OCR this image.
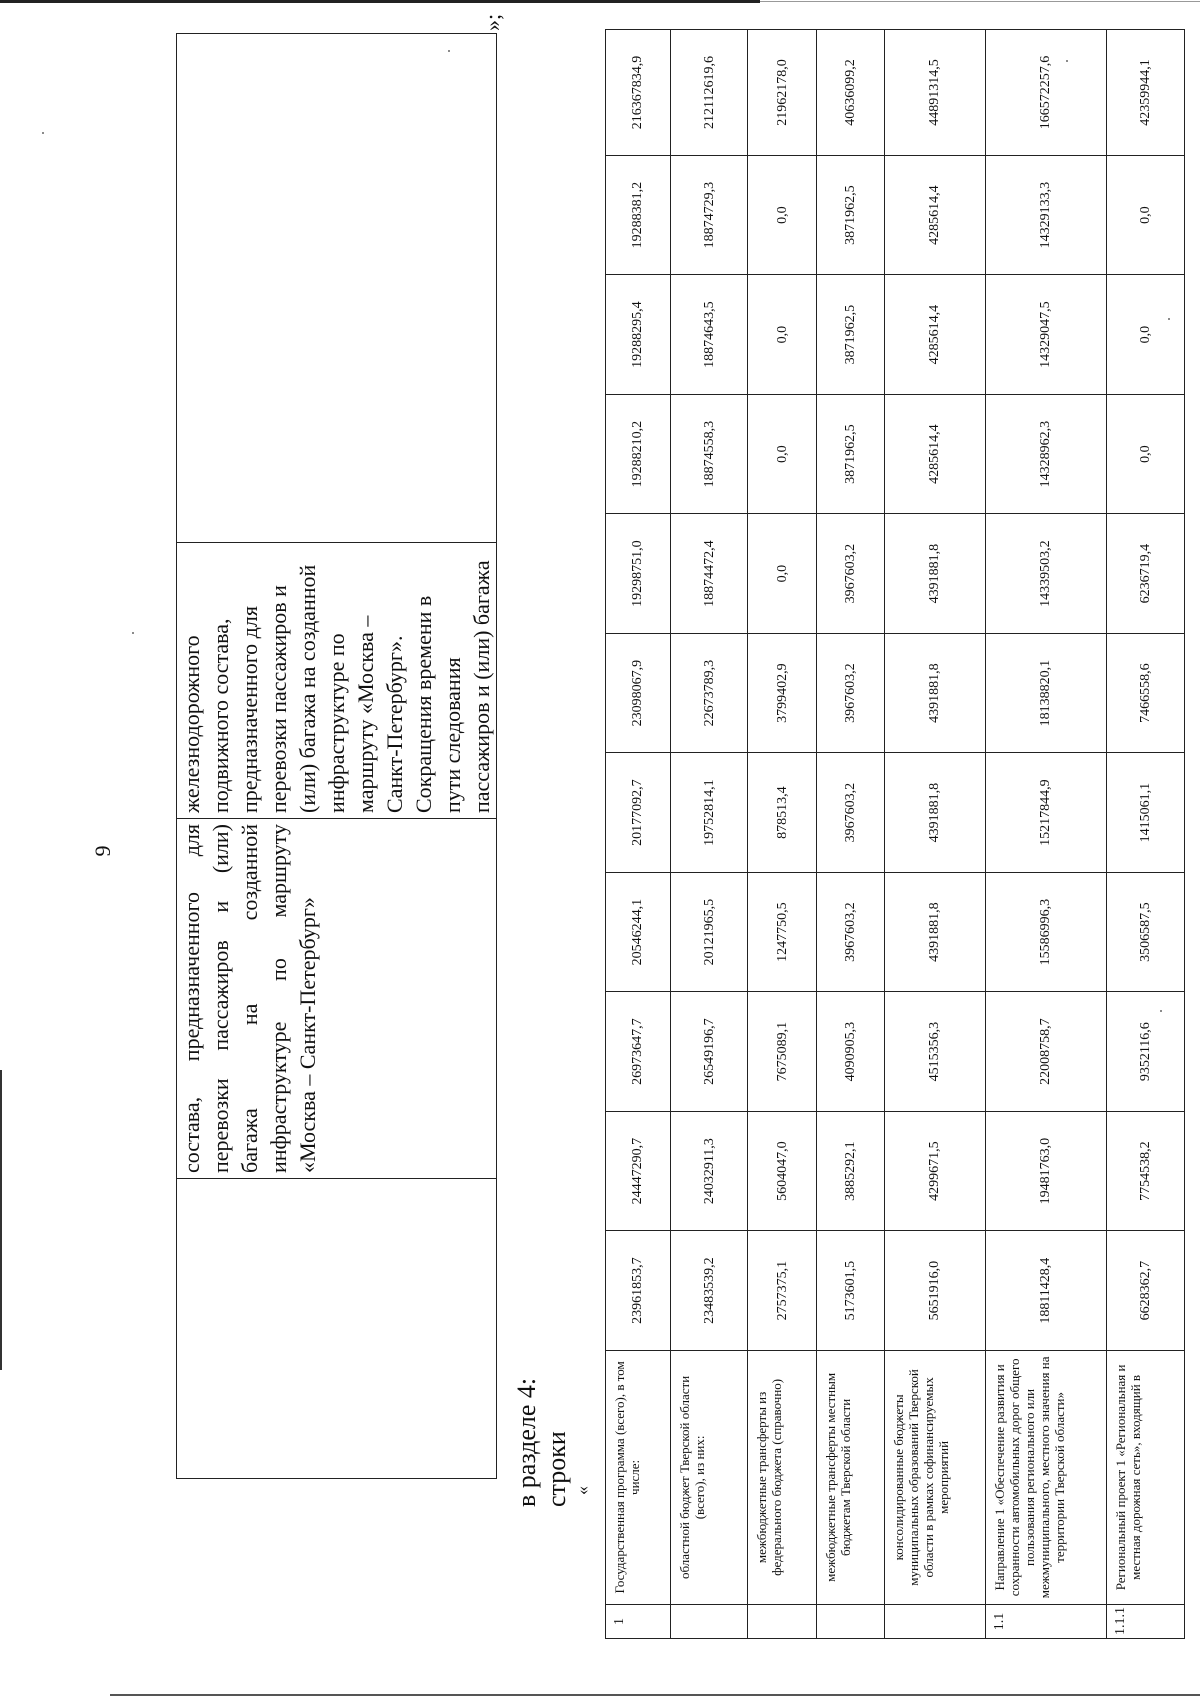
9
		состава, предназначенного для перевозки пассажиров и (или) багажа на созданной инфраструктуре по маршруту «Москва – Санкт-Петербург»

железнодорожного подвижного состава, предназначенного для перевозки пассажиров и (или) багажа на созданной инфраструктуре по маршруту «Москва – Санкт-Петербург». Сокращения времени в пути следования пассажиров и (или) багажа

»;
в разделе 4: строки «
1	Государственная программа (всего), в том числе:	23961853,7	24447290,7	26973647,7	20546244,1	20177092,7	23098067,9	19298751,0	19288210,2	19288295,4	19288381,2	216367834,9
	областной бюджет Тверской области (всего), из них:	23483539,2	24032911,3	26549196,7	20121965,5	19752814,1	22673789,3	18874472,4	18874558,3	18874643,5	18874729,3	212112619,6
	межбюджетные трансферты из федерального бюджета (справочно)	2757375,1	5604047,0	7675089,1	1247750,5	878513,4	3799402,9	0,0	0,0	0,0	0,0	21962178,0
	межбюджетные трансферты местным бюджетам Тверской области	5173601,5	3885292,1	4090905,3	3967603,2	3967603,2	3967603,2	3967603,2	3871962,5	3871962,5	3871962,5	40636099,2
	консолидированные бюджеты муниципальных образований Тверской области в рамках софинансируемых мероприятий	5651916,0	4299671,5	4515356,3	4391881,8	4391881,8	4391881,8	4391881,8	4285614,4	4285614,4	4285614,4	44891314,5
1.1	Направление 1 «Обеспечение развития и сохранности автомобильных дорог общего пользования регионального или межмуниципального, местного значения на территории Тверской области»	18811428,4	19481763,0	22008758,7	15586996,3	15217844,9	18138820,1	14339503,2	14328962,3	14329047,5	14329133,3	166572257,6
1.1.1	Региональный проект 1 «Региональная и местная дорожная сеть», входящий в	6628362,7	7754538,2	9352116,6	3506587,5	1415061,1	7466558,6	6236719,4	0,0	0,0	0,0	42359944,1
